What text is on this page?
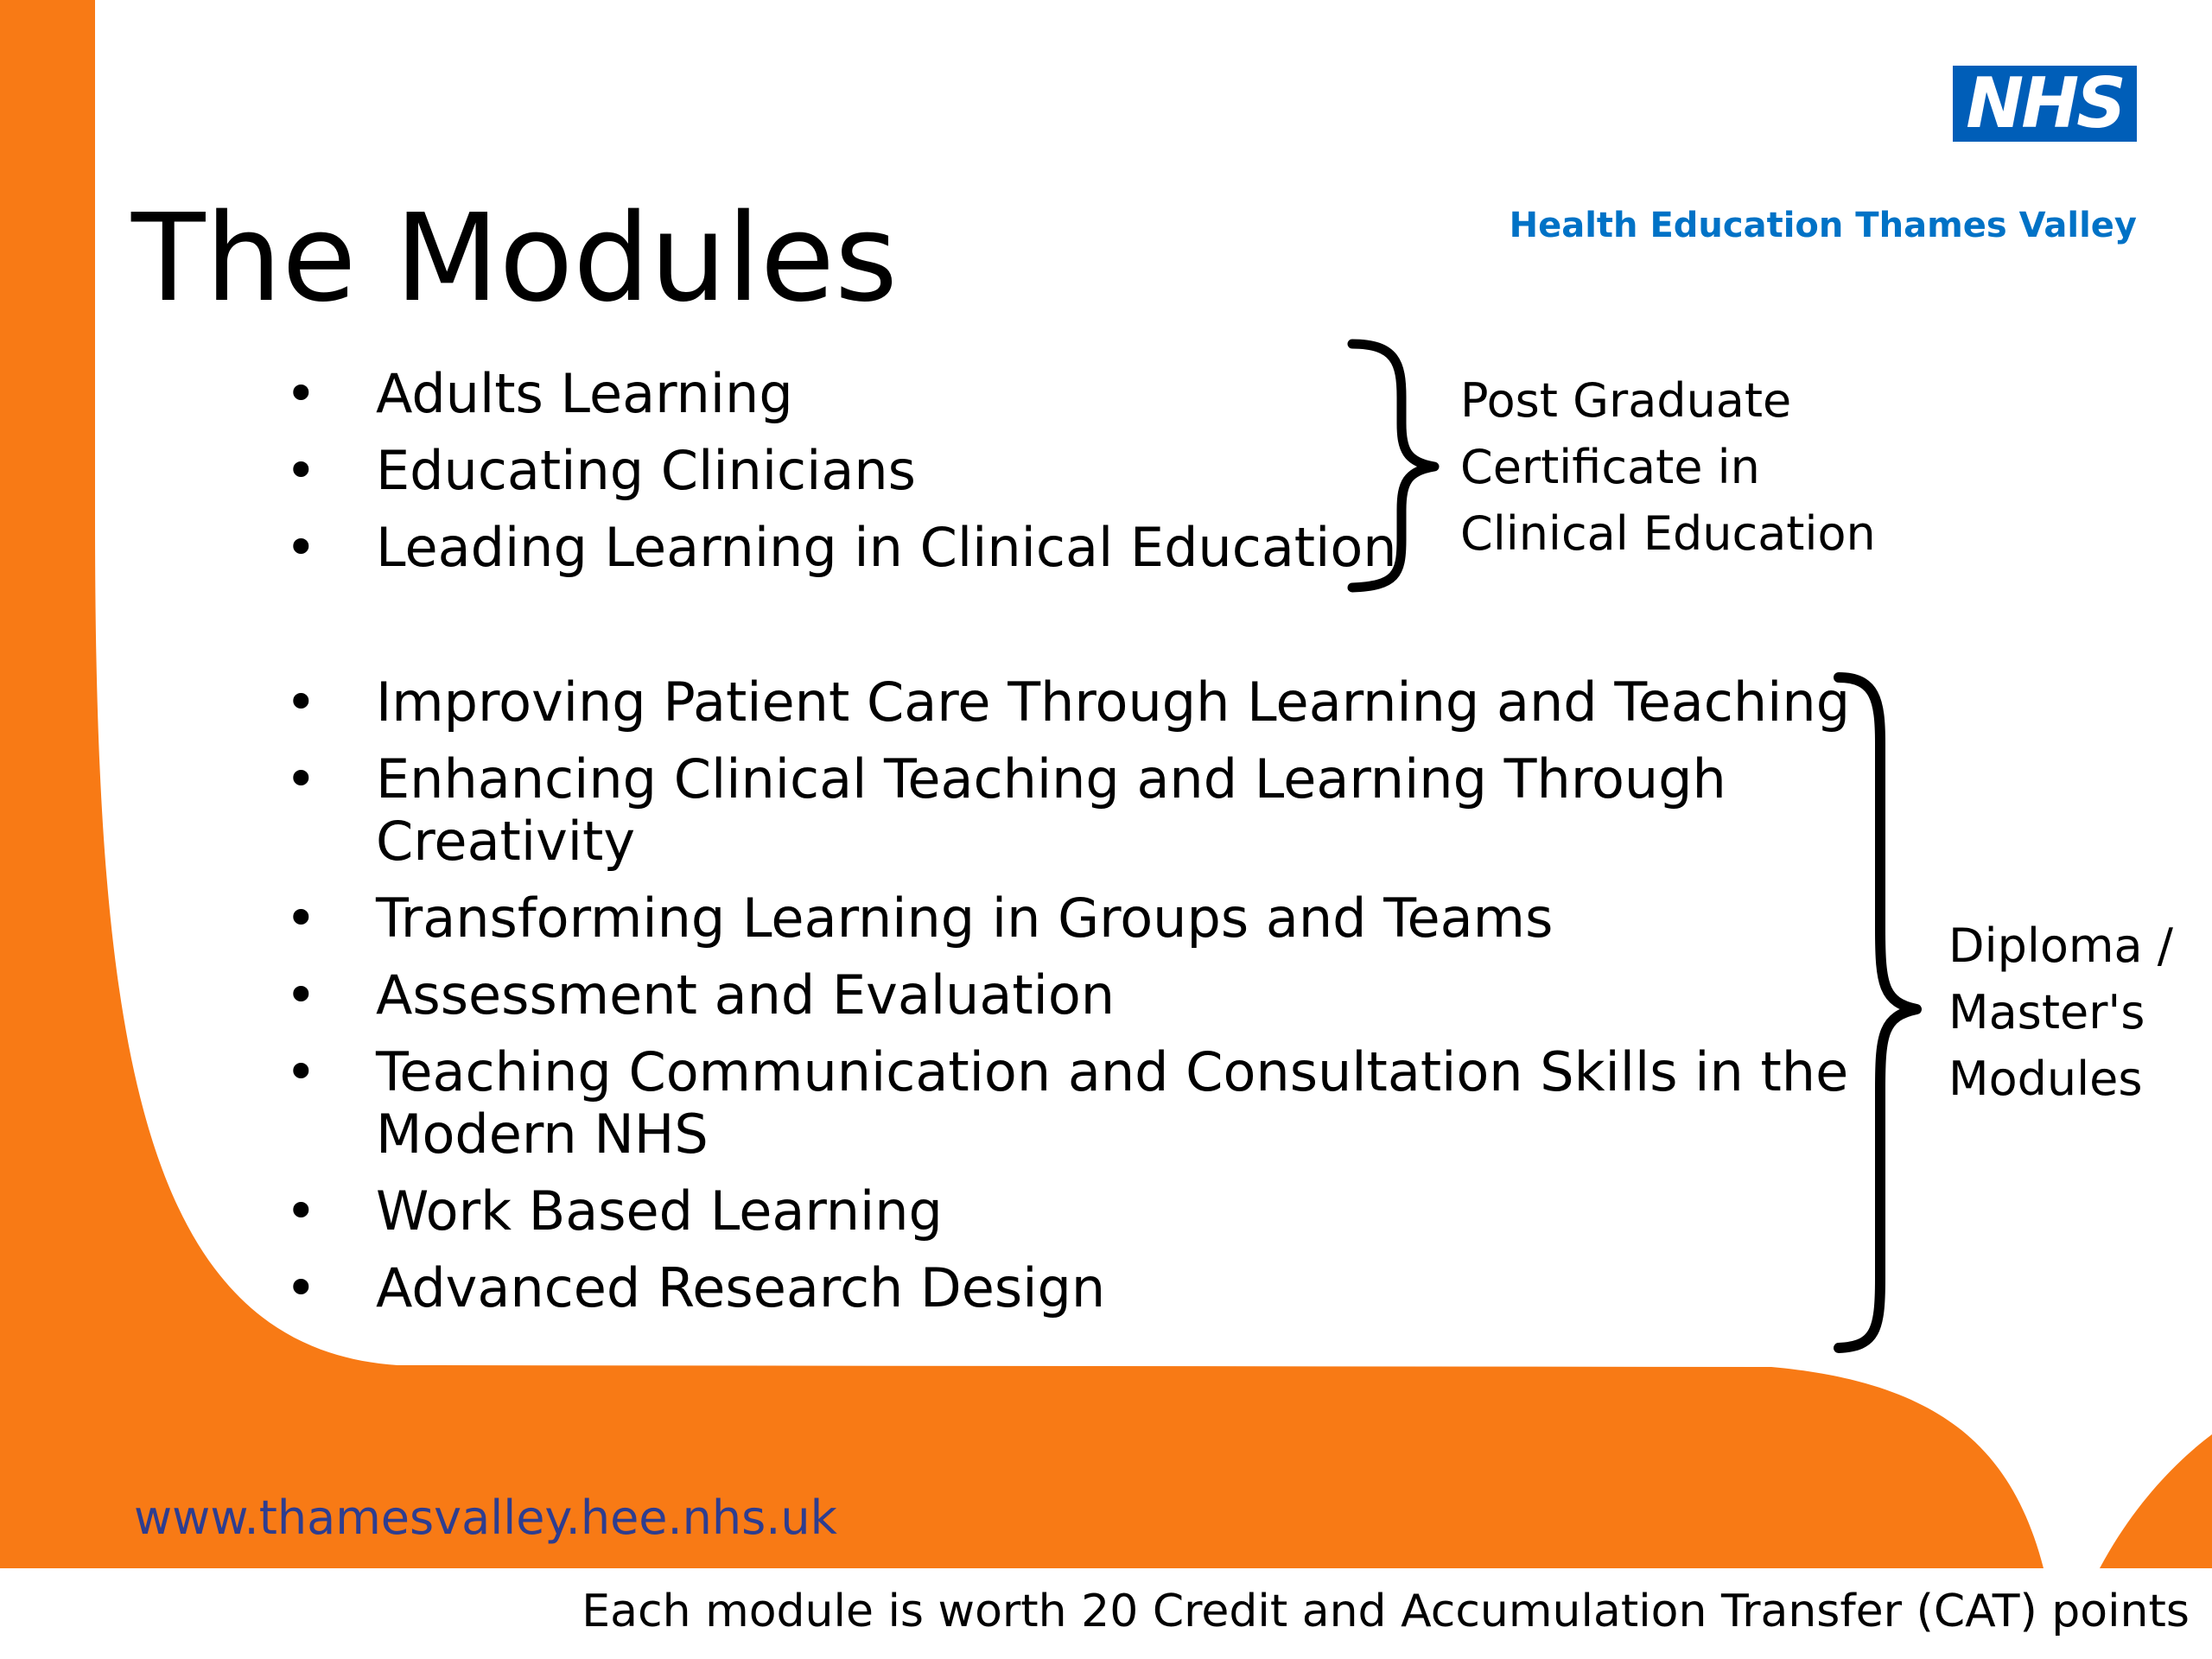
NHS
Health Education Thames Valley
The Modules
• Adults Learning
• Educating Clinicians
• Leading Learning in Clinical Education
• Improving Patient Care Through Learning and Teaching
• Enhancing Clinical Teaching and Learning Through Creativity
• Transforming Learning in Groups and Teams
• Assessment and Evaluation
• Teaching Communication and Consultation Skills in the Modern NHS
• Work Based Learning
• Advanced Research Design
Post Graduate
Certificate in
Clinical Education
Diploma /
Master's
Modules
www.thamesvalley.hee.nhs.uk
Each module is worth 20 Credit and Accumulation Transfer (CAT) points
